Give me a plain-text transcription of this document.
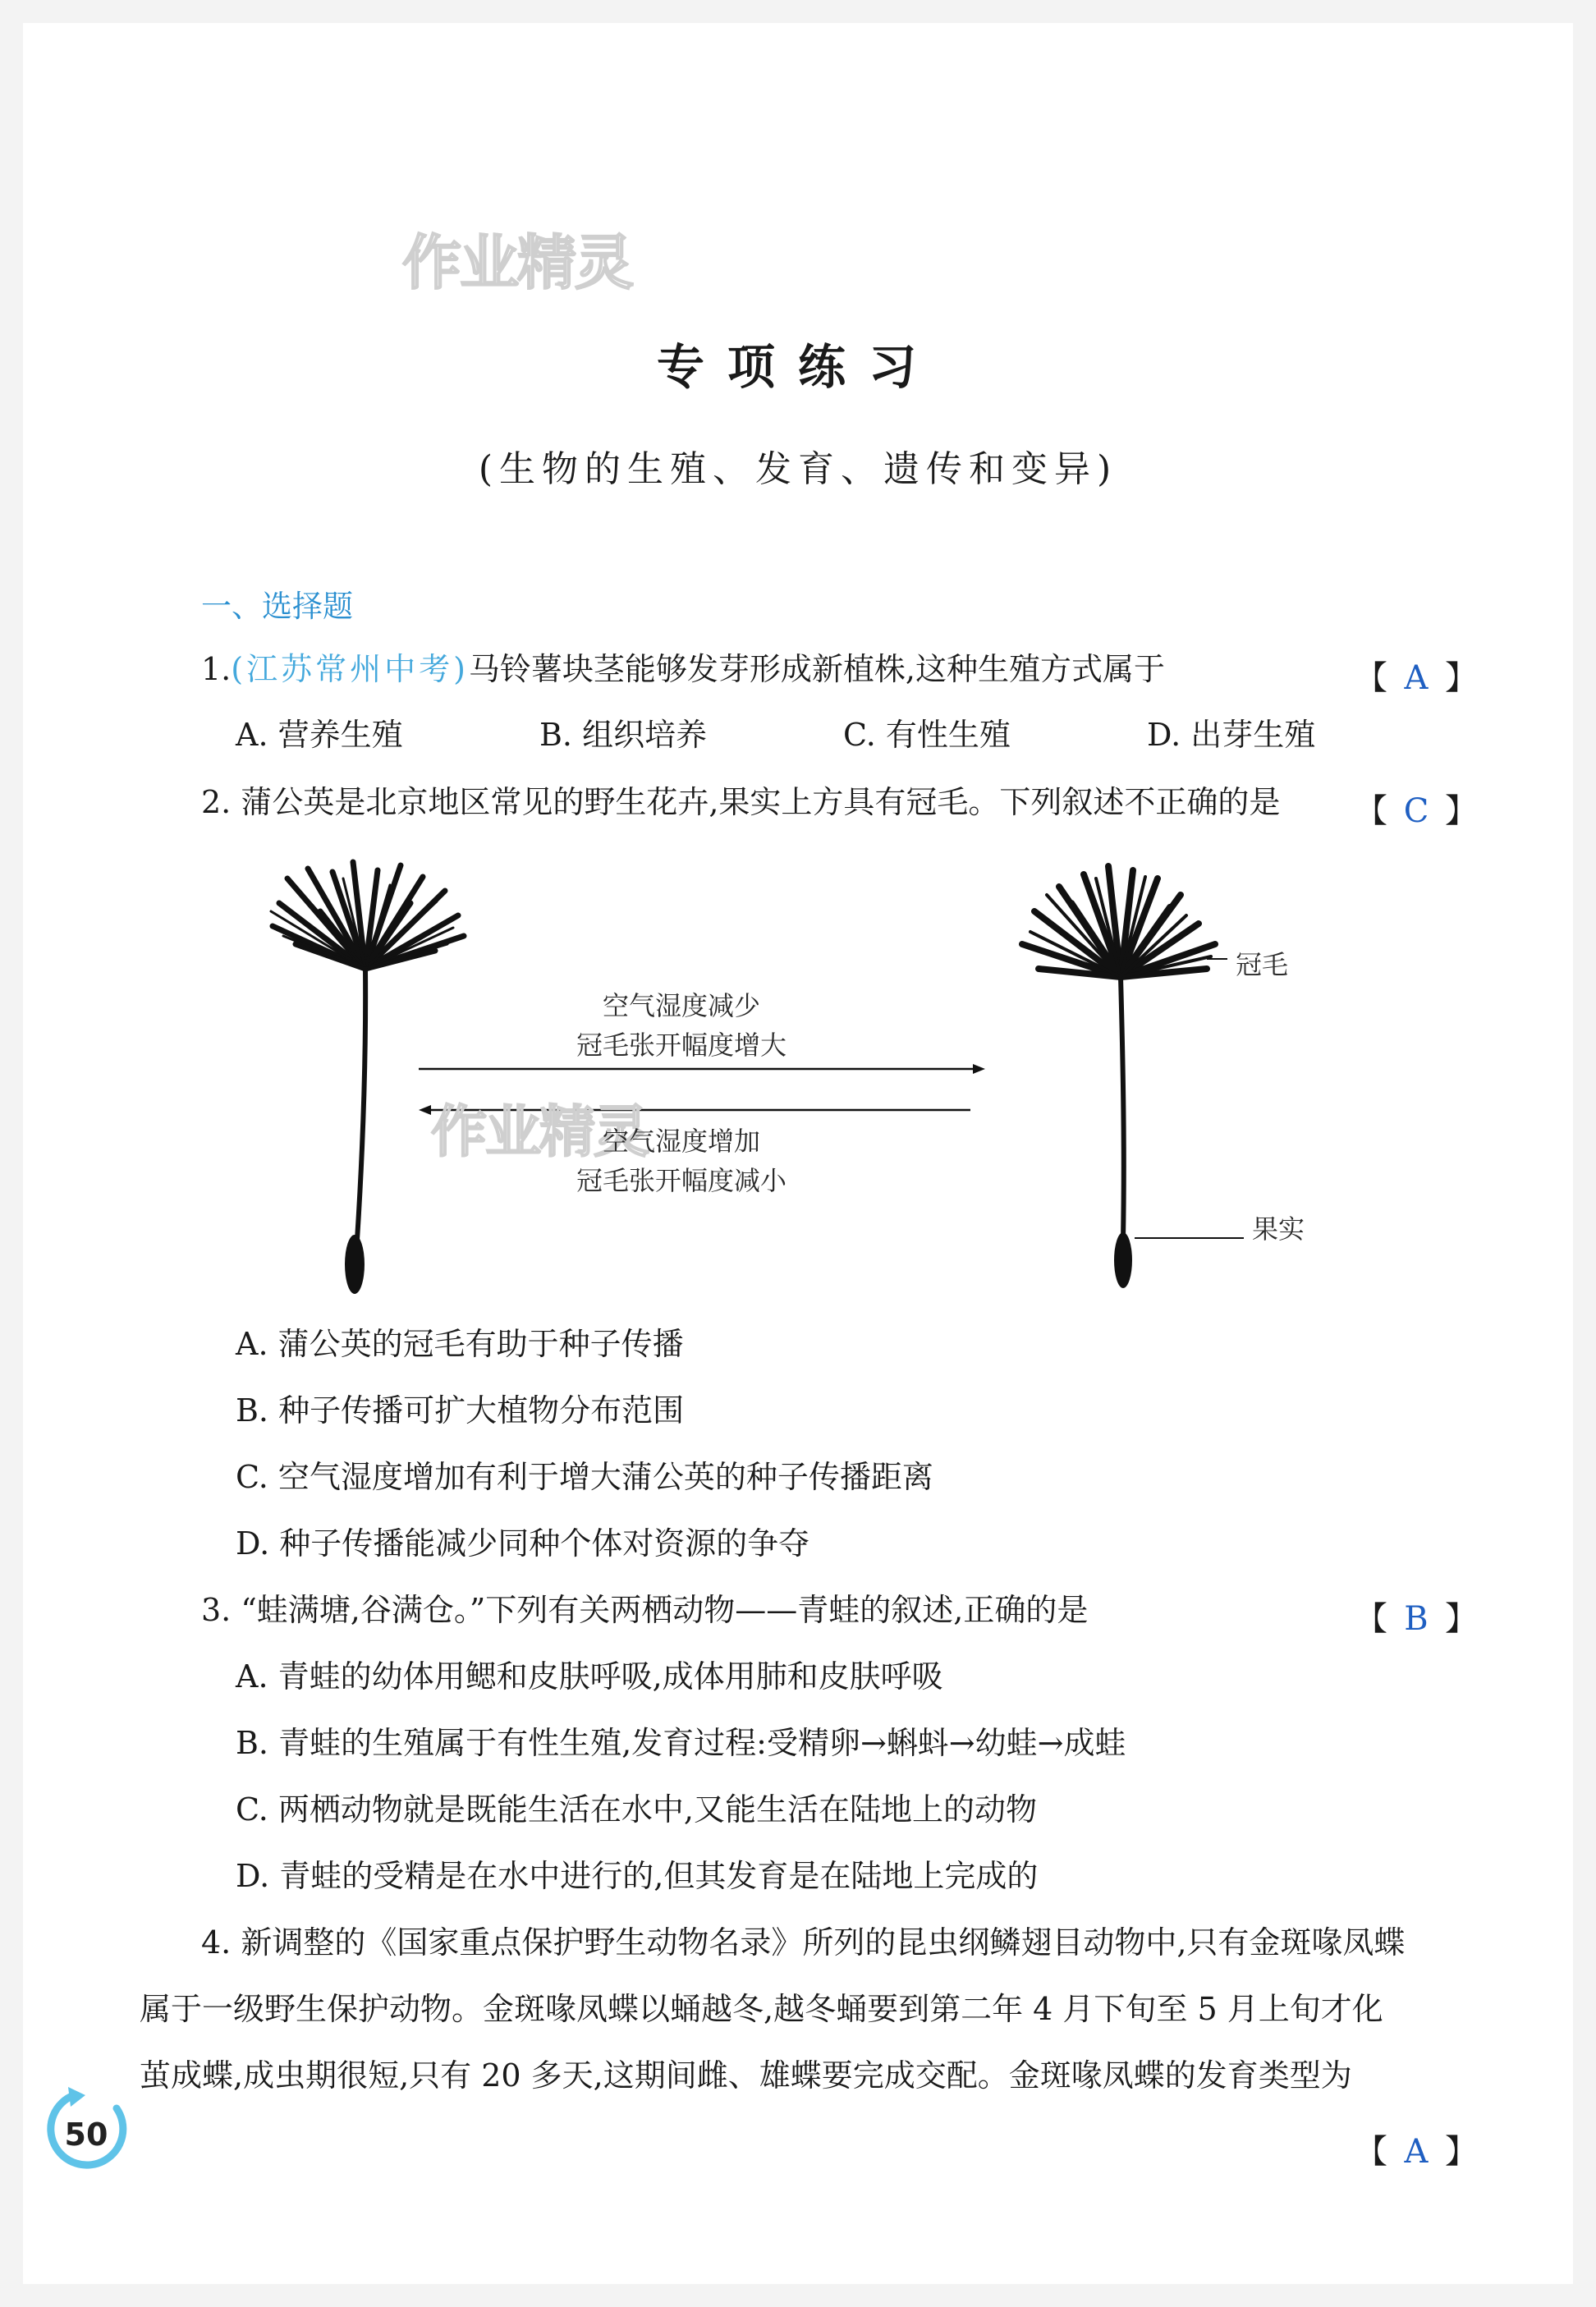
作业精灵
专项练习
(生物的生殖、发育、遗传和变异)
一、选择题
1.(江苏常州中考)马铃薯块茎能够发芽形成新植株,这种生殖方式属于	【 A 】
A. 营养生殖	B. 组织培养	C. 有性生殖	D. 出芽生殖
2. 蒲公英是北京地区常见的野生花卉,果实上方具有冠毛。下列叙述不正确的是 【 C 】
空气湿度减少
冠毛张开幅度增大
作业精灵
空气湿度增加
冠毛张开幅度减小
冠毛
果实
A. 蒲公英的冠毛有助于种子传播
B. 种子传播可扩大植物分布范围
C. 空气湿度增加有利于增大蒲公英的种子传播距离
D. 种子传播能减少同种个体对资源的争夺
3. “蛙满塘,谷满仓。”下列有关两栖动物——青蛙的叙述,正确的是	【 B 】
A. 青蛙的幼体用鳃和皮肤呼吸,成体用肺和皮肤呼吸
B. 青蛙的生殖属于有性生殖,发育过程:受精卵→蝌蚪→幼蛙→成蛙
C. 两栖动物就是既能生活在水中,又能生活在陆地上的动物
D. 青蛙的受精是在水中进行的,但其发育是在陆地上完成的
4. 新调整的《国家重点保护野生动物名录》所列的昆虫纲鳞翅目动物中,只有金斑喙凤蝶
属于一级野生保护动物。金斑喙凤蝶以蛹越冬,越冬蛹要到第二年 4 月下旬至 5 月上旬才化
茧成蝶,成虫期很短,只有 20 多天,这期间雌、雄蝶要完成交配。金斑喙凤蝶的发育类型为
【 A 】
50
